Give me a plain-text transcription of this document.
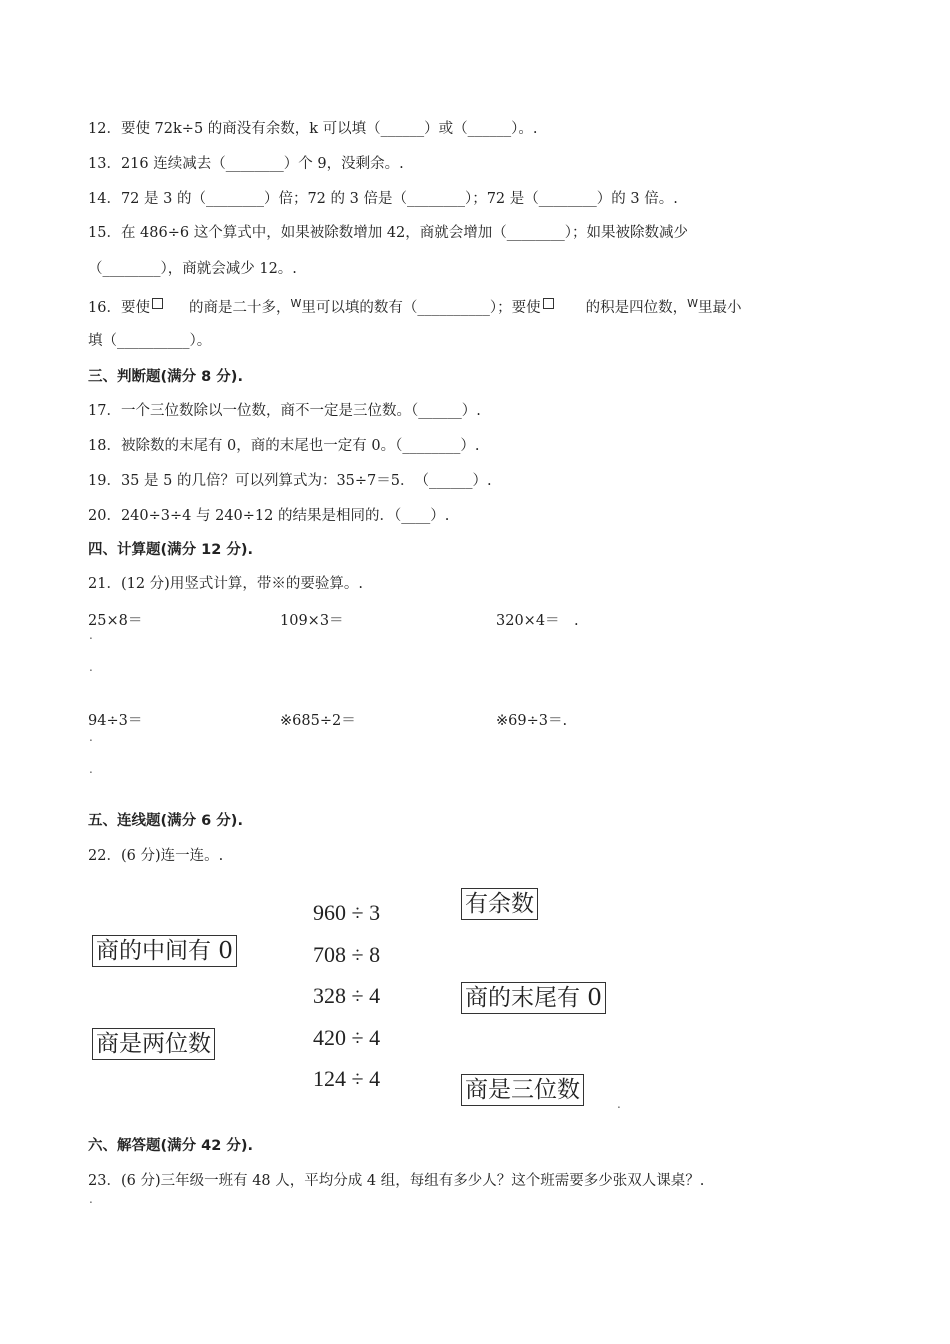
12．要使 72k÷5 的商没有余数，k 可以填（______）或（______）。.
13．216 连续减去（________）个 9，没剩余。.
14．72 是 3 的（________）倍；72 的 3 倍是（________）；72 是（________）的 3 倍。.
15．在 486÷6 这个算式中，如果被除数增加 42，商就会增加（________）；如果被除数减少
（________），商就会减少 12。.
16．要使	的商是二十多，$^W$里可以填的数有（__________）；要使	的积是四位数，$^W$里最小
填（__________）。
三、判断题(满分 8 分).
17．一个三位数除以一位数，商不一定是三位数。（______）.
18．被除数的末尾有 0，商的末尾也一定有 0。（________）.
19．35 是 5 的几倍？可以列算式为：35÷7＝5．　（______）.
20．240÷3÷4 与 240÷12 的结果是相同的．（____）.
四、计算题(满分 12 分).
21．(12 分)用竖式计算，带※的要验算。.
25×8＝	109×3＝	320×4＝　.
.
.
94÷3＝	※685÷2＝	※69÷3＝.
.
.
五、连线题(满分 6 分).
22．(6 分)连一连。.
960 ÷ 3
708 ÷ 8
328 ÷ 4
420 ÷ 4
124 ÷ 4
商的中间有 0
商是两位数
有余数
商的末尾有 0
商是三位数
.
六、解答题(满分 42 分).
23．(6 分)三年级一班有 48 人，平均分成 4 组，每组有多少人？这个班需要多少张双人课桌？.
.
